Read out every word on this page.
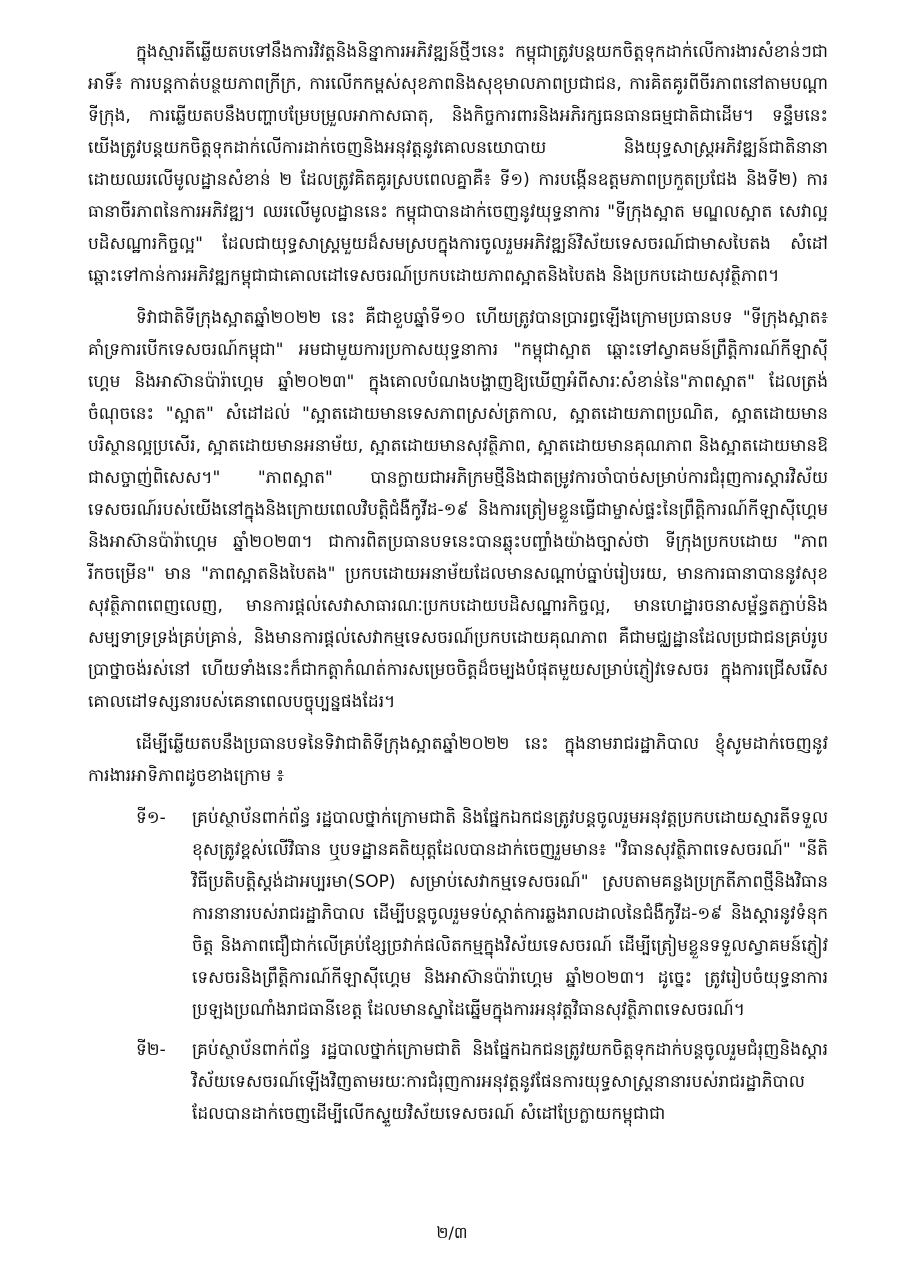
ក្នុងស្មារតីឆ្លើយតបទៅនឹងការវិវត្តនិងនិន្នាការអភិវឌ្ឍន៍ថ្មីៗនេះ កម្ពុជាត្រូវបន្តយកចិត្តទុកដាក់លើការងារសំខាន់ៗជាអាទិ៍៖ ការបន្តកាត់បន្ថយភាពក្រីក្រ, ការលើកកម្ពស់សុខភាពនិងសុខុមាលភាពប្រជាជន, ការគិតគូរពីចីរភាពនៅតាមបណ្តាទីក្រុង, ការឆ្លើយតបនឹងបញ្ហាបម្រែបម្រួលអាកាសធាតុ, និងកិច្ចការពារនិងអភិរក្សធនធានធម្មជាតិជាដើម។ ទន្ទឹមនេះ យើងត្រូវបន្តយកចិត្តទុកដាក់លើការដាក់ចេញនិងអនុវត្តនូវគោលនយោបាយ និងយុទ្ធសាស្ត្រអភិវឌ្ឍន៍ជាតិនានា ដោយឈរលើមូលដ្ឋានសំខាន់ ២ ដែលត្រូវគិតគូរស្របពេលគ្នាគឺ៖ ទី១) ការបង្កើនឧត្តមភាពប្រកួតប្រជែង និងទី២) ការធានាចីរភាពនៃការអភិវឌ្ឍ។ ឈរលើមូលដ្ឋាននេះ កម្ពុជាបានដាក់ចេញនូវយុទ្ធនាការ "ទីក្រុងស្អាត មណ្ឌលស្អាត សេវាល្អ បដិសណ្ឋារកិច្ចល្អ" ដែលជាយុទ្ធសាស្ត្រមួយដ៏សមស្របក្នុងការចូលរួមអភិវឌ្ឍន៍វិស័យទេសចរណ៍ជាមាសបៃតង សំដៅឆ្ពោះទៅកាន់ការអភិវឌ្ឍកម្ពុជាជាគោលដៅទេសចរណ៍ប្រកបដោយភាពស្អាតនិងបៃតង និងប្រកបដោយសុវត្ថិភាព។

ទិវាជាតិទីក្រុងស្អាតឆ្នាំ២០២២ នេះ គឺជាខួបឆ្នាំទី១០ ហើយត្រូវបានប្រារព្ធឡើងក្រោមប្រធានបទ "ទីក្រុងស្អាត៖ គាំទ្រការបើកទេសចរណ៍កម្ពុជា" អមជាមួយការប្រកាសយុទ្ធនាការ "កម្ពុជាស្អាត ឆ្ពោះទៅស្វាគមន៍ព្រឹត្តិការណ៍កីឡាស៊ីហ្គេម និងអាស៊ានប៉ារ៉ាហ្គេម ឆ្នាំ២០២៣" ក្នុងគោលបំណងបង្ហាញឱ្យឃើញអំពីសារៈសំខាន់នៃ"ភាពស្អាត" ដែលត្រង់ចំណុចនេះ "ស្អាត" សំដៅដល់ "ស្អាតដោយមានទេសភាពស្រស់ត្រកាល, ស្អាតដោយភាពប្រណិត, ស្អាតដោយមានបរិស្ថានល្អប្រសើរ, ស្អាតដោយមានអនាម័យ, ស្អាតដោយមានសុវត្ថិភាព, ស្អាតដោយមានគុណភាព និងស្អាតដោយមានឱជាសច្ចាញ់ពិសេស។" "ភាពស្អាត" បានក្លាយជាអភិក្រមថ្មីនិងជាតម្រូវការចាំបាច់សម្រាប់ការជំរុញការស្តារវិស័យទេសចរណ៍របស់យើងនៅក្នុងនិងក្រោយពេលវិបត្តិជំងឺកូវីដ-១៩ និងការត្រៀមខ្លួនធ្វើជាម្ចាស់ផ្ទះនៃព្រឹត្តិការណ៍កីឡាស៊ីហ្គេមនិងអាស៊ានប៉ារ៉ាហ្គេម ឆ្នាំ២០២៣។ ជាការពិតប្រធានបទនេះបានឆ្លុះបញ្ចាំងយ៉ាងច្បាស់ថា ទីក្រុងប្រកបដោយ "ភាពរីកចម្រើន" មាន "ភាពស្អាតនិងបៃតង" ប្រកបដោយអនាម័យដែលមានសណ្តាប់ធ្នាប់រៀបរយ, មានការធានាបាននូវសុខសុវត្ថិភាពពេញលេញ, មានការផ្តល់សេវាសាធារណៈប្រកបដោយបដិសណ្ឋារកិច្ចល្អ, មានហេដ្ឋារចនាសម្ព័ន្ធតភ្ជាប់និងសម្បទាទ្រទ្រង់គ្រប់គ្រាន់, និងមានការផ្តល់សេវាកម្មទេសចរណ៍ប្រកបដោយគុណភាព គឺជាមជ្ឈដ្ឋានដែលប្រជាជនគ្រប់រូបប្រាថ្នាចង់រស់នៅ ហើយទាំងនេះក៏ជាកត្តាកំណត់ការសម្រេចចិត្តដ៏ចម្បងបំផុតមួយសម្រាប់ភ្ញៀវទេសចរ ក្នុងការជ្រើសរើសគោលដៅទស្សនារបស់គេនាពេលបច្ចុប្បន្នផងដែរ។

ដើម្បីឆ្លើយតបនឹងប្រធានបទនៃទិវាជាតិទីក្រុងស្អាតឆ្នាំ២០២២ នេះ ក្នុងនាមរាជរដ្ឋាភិបាល ខ្ញុំសូមដាក់ចេញនូវការងារអាទិភាពដូចខាងក្រោម ៖

ទី១-	គ្រប់ស្ថាប័នពាក់ព័ន្ធ រដ្ឋបាលថ្នាក់ក្រោមជាតិ និងផ្នែកឯកជនត្រូវបន្តចូលរួមអនុវត្តប្រកបដោយស្មារតីទទួលខុសត្រូវខ្ពស់លើវិធាន ឬបទដ្ឋានគតិយុត្តដែលបានដាក់ចេញរួមមាន៖ "វិធានសុវត្ថិភាពទេសចរណ៍" "នីតិវិធីប្រតិបត្តិស្តង់ដាអប្បរមា(SOP) សម្រាប់សេវាកម្មទេសចរណ៍" ស្របតាមគន្លងប្រក្រតីភាពថ្មីនិងវិធានការនានារបស់រាជរដ្ឋាភិបាល ដើម្បីបន្តចូលរួមទប់ស្កាត់ការឆ្លងរាលដាលនៃជំងឺកូវីដ-១៩ និងស្តារនូវទំនុកចិត្ត និងភាពជឿជាក់លើគ្រប់ខ្សែច្រវាក់ផលិតកម្មក្នុងវិស័យទេសចរណ៍ ដើម្បីត្រៀមខ្លួនទទួលស្វាគមន៍ភ្ញៀវទេសចរនិងព្រឹត្តិការណ៍កីឡាស៊ីហ្គេម និងអាស៊ានប៉ារ៉ាហ្គេម ឆ្នាំ២០២៣។ ដូច្នេះ ត្រូវរៀបចំយុទ្ធនាការប្រឡងប្រណាំងរាជធានីខេត្ត ដែលមានស្នាដៃឆ្នើមក្នុងការអនុវត្តវិធានសុវត្ថិភាពទេសចរណ៍។
ទី២-	គ្រប់ស្ថាប័នពាក់ព័ន្ធ រដ្ឋបាលថ្នាក់ក្រោមជាតិ និងផ្នែកឯកជនត្រូវយកចិត្តទុកដាក់បន្តចូលរួមជំរុញនិងស្តារវិស័យទេសចរណ៍ឡើងវិញតាមរយៈការជំរុញការអនុវត្តនូវផែនការយុទ្ធសាស្ត្រនានារបស់រាជរដ្ឋាភិបាលដែលបានដាក់ចេញដើម្បីលើកស្ទួយវិស័យទេសចរណ៍ សំដៅប្រែក្លាយកម្ពុជាជា
២/៣
